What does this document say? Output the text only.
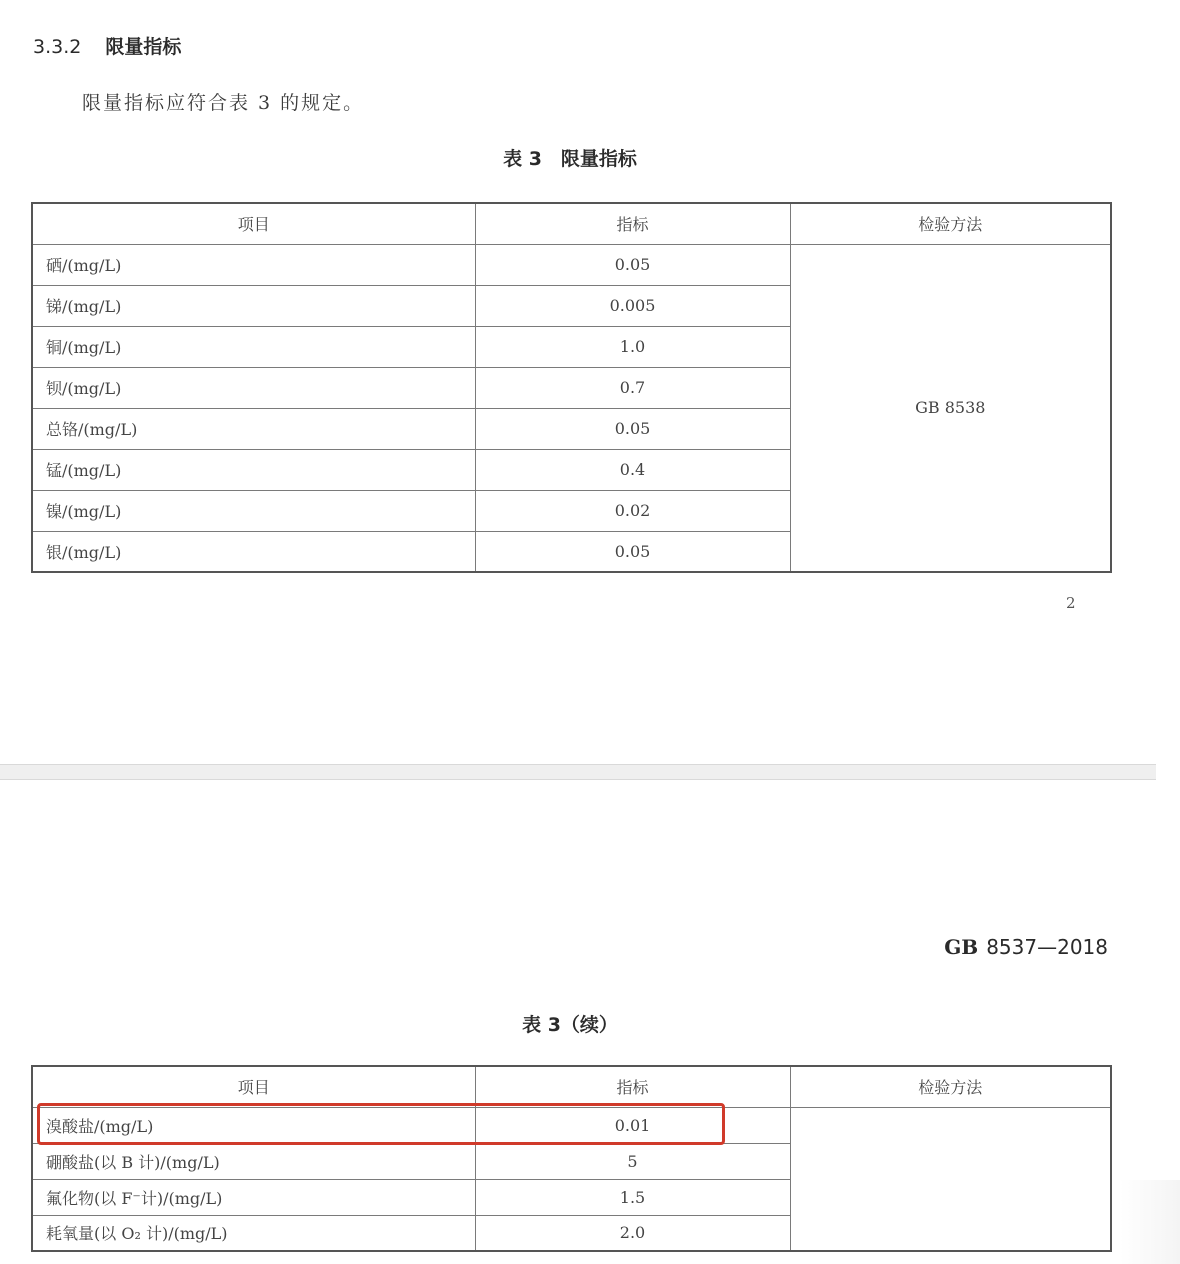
3.3.2 限量指标
限量指标应符合表 3 的规定。
表 3　限量指标
项目	指标	检验方法
硒/(mg/L)	0.05	GB 8538
锑/(mg/L)	0.005	
铜/(mg/L)	1.0	
钡/(mg/L)	0.7	
总铬/(mg/L)	0.05	
锰/(mg/L)	0.4	
镍/(mg/L)	0.02	
银/(mg/L)	0.05	
2
GB 8537—2018
表 3（续）
项目	指标	检验方法
溴酸盐/(mg/L)	0.01	
硼酸盐(以 B 计)/(mg/L)	5	
氟化物(以 F⁻计)/(mg/L)	1.5	
耗氧量(以 O₂ 计)/(mg/L)	2.0	
